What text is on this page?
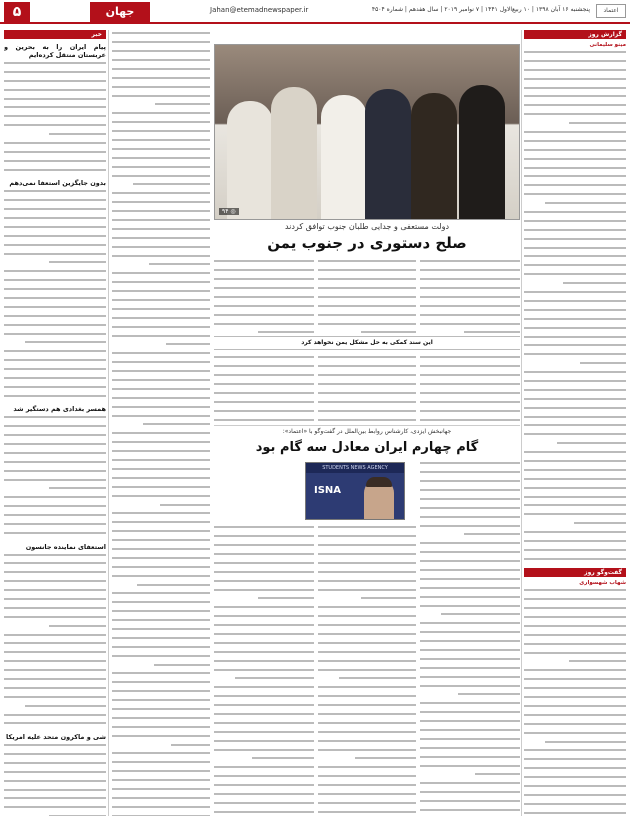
۵	جهان	Jahan@etemadnewspaper.ir	پنجشنبه ۱۶ آبان ۱۳۹۸ | ۱۰ ربیع‌الاول ۱۴۴۱ | ۷ نوامبر ۲۰۱۹ | سال هفدهم | شماره ۴۵۰۴	اعتماد
گزارش روز
مینو سلیمانی
گفت‌وگو روز
شهاب شهسواری
۹۴ ◎
دولت مستعفی و جدایی طلبان جنوب توافق کردند
صلح دستوری در جنوب یمن
این سند کمکی به حل مشکل یمن نخواهد کرد
جهانبخش ایزدی، کارشناس روابط بین‌الملل در گفت‌وگو با «اعتماد»:
گام چهارم ایران معادل سه گام بود
STUDENTS NEWS AGENCY
ISNA
خبر
پیام ایران را به بحرین و عربستان منتقل کرده‌ایم
بدون جایگزین استعفا نمی‌دهم
همسر بغدادی هم دستگیر شد
استعفای نماینده جانسون
شی و ماکرون متحد علیه امریکا
